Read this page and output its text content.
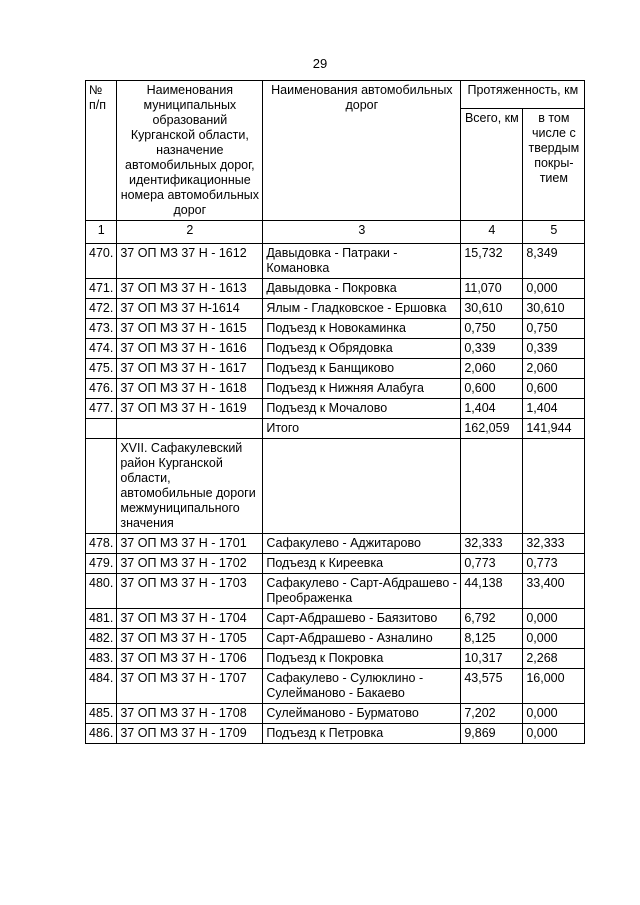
29
№ п/п	Наименования муниципальных образований Курганской области, назначение автомобильных дорог, идентификационные номера автомобильных дорог	Наименования автомобильных дорог	Протяженность, км	
			Всего, км	в том числе с твердым покры-тием
1	2	3	4	5
470.	37 ОП МЗ 37 Н - 1612	Давыдовка - Патраки - Комановка	15,732	8,349
471.	37 ОП МЗ 37 Н - 1613	Давыдовка - Покровка	11,070	0,000
472.	37 ОП МЗ 37 Н-1614	Ялым - Гладковское - Ершовка	30,610	30,610
473.	37 ОП МЗ 37 Н - 1615	Подъезд к Новокаминка	0,750	0,750
474.	37 ОП МЗ 37 Н - 1616	Подъезд к Обрядовка	0,339	0,339
475.	37 ОП МЗ 37 Н - 1617	Подъезд к Банщиково	2,060	2,060
476.	37 ОП МЗ 37 Н - 1618	Подъезд к Нижняя Алабуга	0,600	0,600
477.	37 ОП МЗ 37 Н - 1619	Подъезд к Мочалово	1,404	1,404
		Итого	162,059	141,944
	XVII. Сафакулевский район Курганской области, автомобильные дороги межмуниципального значения			
478.	37 ОП МЗ 37 Н - 1701	Сафакулево - Аджитарово	32,333	32,333
479.	37 ОП МЗ 37 Н - 1702	Подъезд к Киреевка	0,773	0,773
480.	37 ОП МЗ 37 Н - 1703	Сафакулево - Сарт-Абдрашево - Преображенка	44,138	33,400
481.	37 ОП МЗ 37 Н - 1704	Сарт-Абдрашево - Баязитово	6,792	0,000
482.	37 ОП МЗ 37 Н - 1705	Сарт-Абдрашево - Азналино	8,125	0,000
483.	37 ОП МЗ 37 Н - 1706	Подъезд к Покровка	10,317	2,268
484.	37 ОП МЗ 37 Н - 1707	Сафакулево - Сулюклино - Сулейманово - Бакаево	43,575	16,000
485.	37 ОП МЗ 37 Н - 1708	Сулейманово - Бурматово	7,202	0,000
486.	37 ОП МЗ 37 Н - 1709	Подъезд к Петровка	9,869	0,000
